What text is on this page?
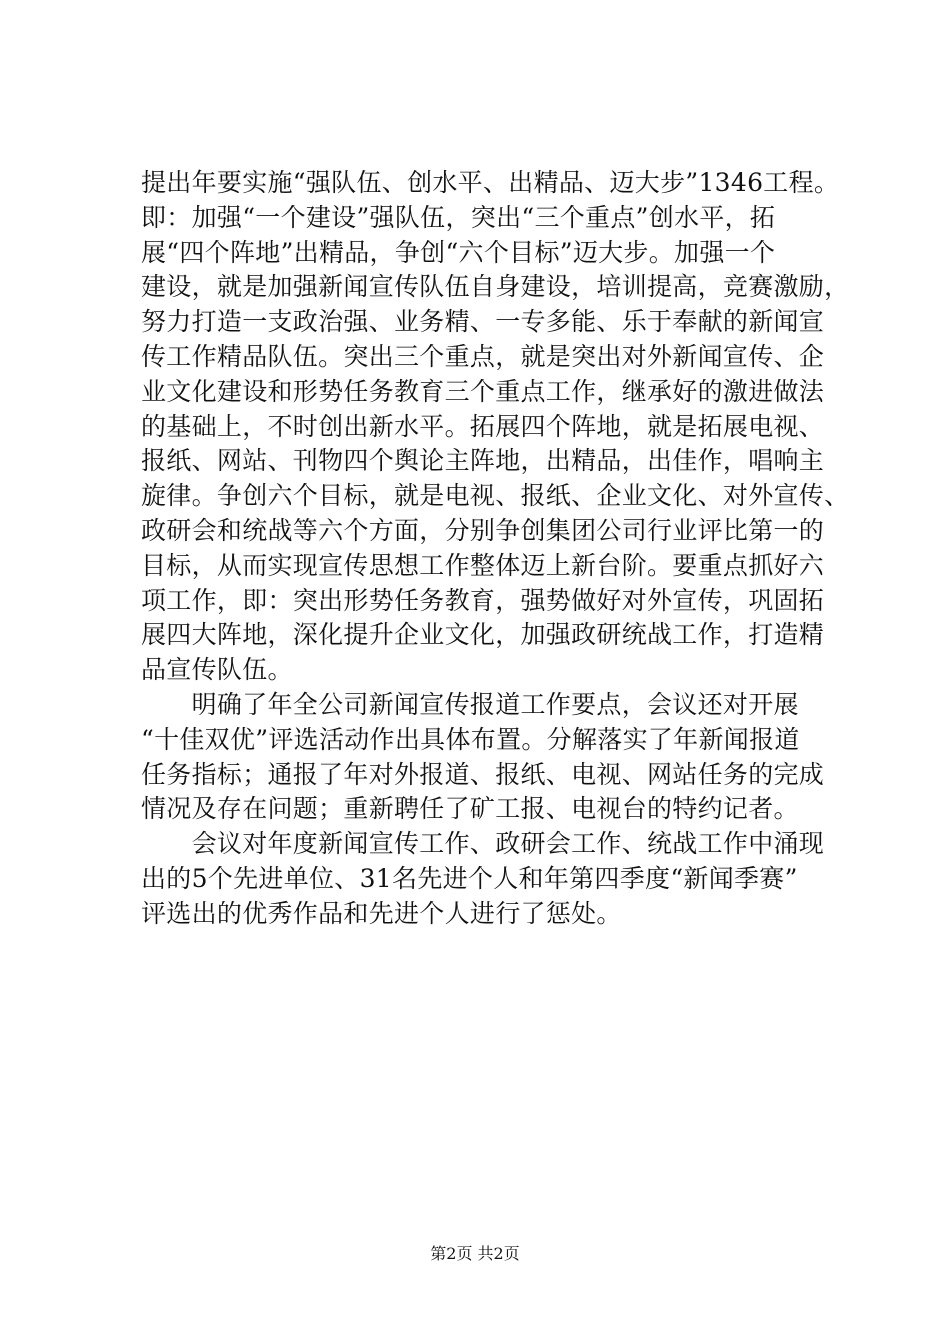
提出年要实施“强队伍、创水平、出精品、迈大步”1346工程。
即：加强“一个建设”强队伍，突出“三个重点”创水平，拓
展“四个阵地”出精品，争创“六个目标”迈大步。加强一个
建设，就是加强新闻宣传队伍自身建设，培训提高，竞赛激励，
努力打造一支政治强、业务精、一专多能、乐于奉献的新闻宣
传工作精品队伍。突出三个重点，就是突出对外新闻宣传、企
业文化建设和形势任务教育三个重点工作，继承好的激进做法
的基础上，不时创出新水平。拓展四个阵地，就是拓展电视、
报纸、网站、刊物四个舆论主阵地，出精品，出佳作，唱响主
旋律。争创六个目标，就是电视、报纸、企业文化、对外宣传、
政研会和统战等六个方面，分别争创集团公司行业评比第一的
目标，从而实现宣传思想工作整体迈上新台阶。要重点抓好六
项工作，即：突出形势任务教育，强势做好对外宣传，巩固拓
展四大阵地，深化提升企业文化，加强政研统战工作，打造精
品宣传队伍。
　　明确了年全公司新闻宣传报道工作要点，会议还对开展
“十佳双优”评选活动作出具体布置。分解落实了年新闻报道
任务指标；通报了年对外报道、报纸、电视、网站任务的完成
情况及存在问题；重新聘任了矿工报、电视台的特约记者。
　　会议对年度新闻宣传工作、政研会工作、统战工作中涌现
出的5个先进单位、31名先进个人和年第四季度“新闻季赛”
评选出的优秀作品和先进个人进行了惩处。
第2页 共2页
